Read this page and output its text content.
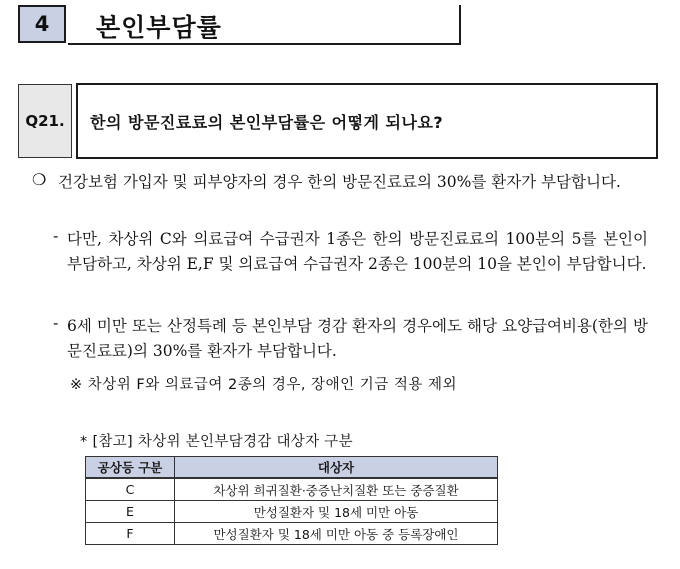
4	본인부담률
Q21.	한의 방문진료료의 본인부담률은 어떻게 되나요?
❍ 건강보험 가입자 및 피부양자의 경우 한의 방문진료료의 30%를 환자가 부담합니다.
- 다만, 차상위 C와 의료급여 수급권자 1종은 한의 방문진료료의 100분의 5를 본인이 부담하고, 차상위 E,F 및 의료급여 수급권자 2종은 100분의 10을 본인이 부담합니다.
- 6세 미만 또는 산정특례 등 본인부담 경감 환자의 경우에도 해당 요양급여비용(한의 방문진료료)의 30%를 환자가 부담합니다.
※ 차상위 F와 의료급여 2종의 경우, 장애인 기금 적용 제외
* [참고] 차상위 본인부담경감 대상자 구분
공상등 구분	대상자
C	차상위 희귀질환·중증난치질환 또는 중증질환
E	만성질환자 및 18세 미만 아동
F	만성질환자 및 18세 미만 아동 중 등록장애인
